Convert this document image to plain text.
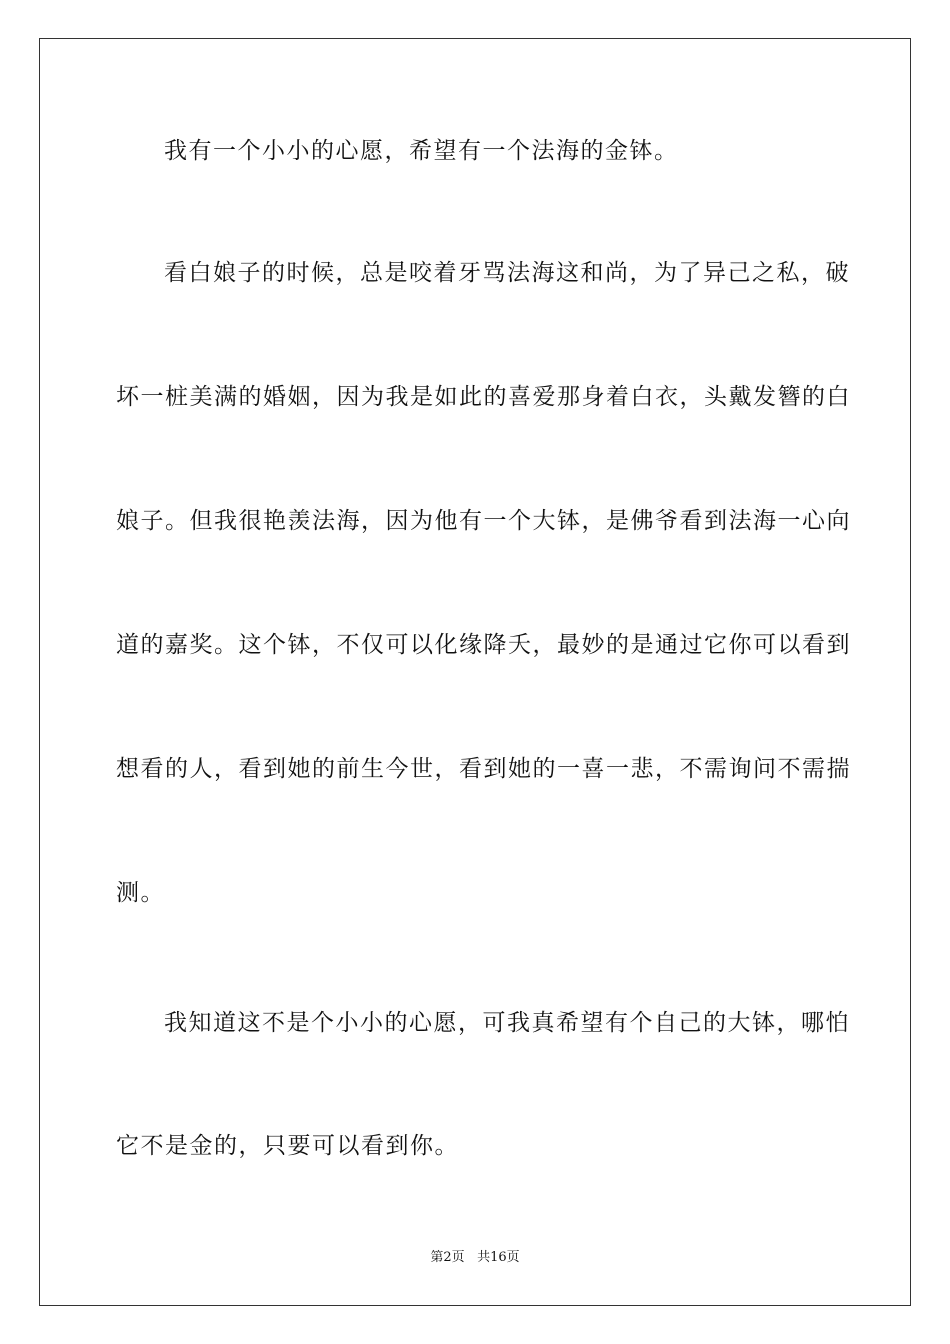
我有一个小小的心愿，希望有一个法海的金钵。
看白娘子的时候，总是咬着牙骂法海这和尚，为了异己之私，破
坏一桩美满的婚姻，因为我是如此的喜爱那身着白衣，头戴发簪的白
娘子。但我很艳羡法海，因为他有一个大钵，是佛爷看到法海一心向
道的嘉奖。这个钵，不仅可以化缘降夭，最妙的是通过它你可以看到
想看的人，看到她的前生今世，看到她的一喜一悲，不需询问不需揣
测。
我知道这不是个小小的心愿，可我真希望有个自己的大钵，哪怕
它不是金的，只要可以看到你。
第2页 共16页
